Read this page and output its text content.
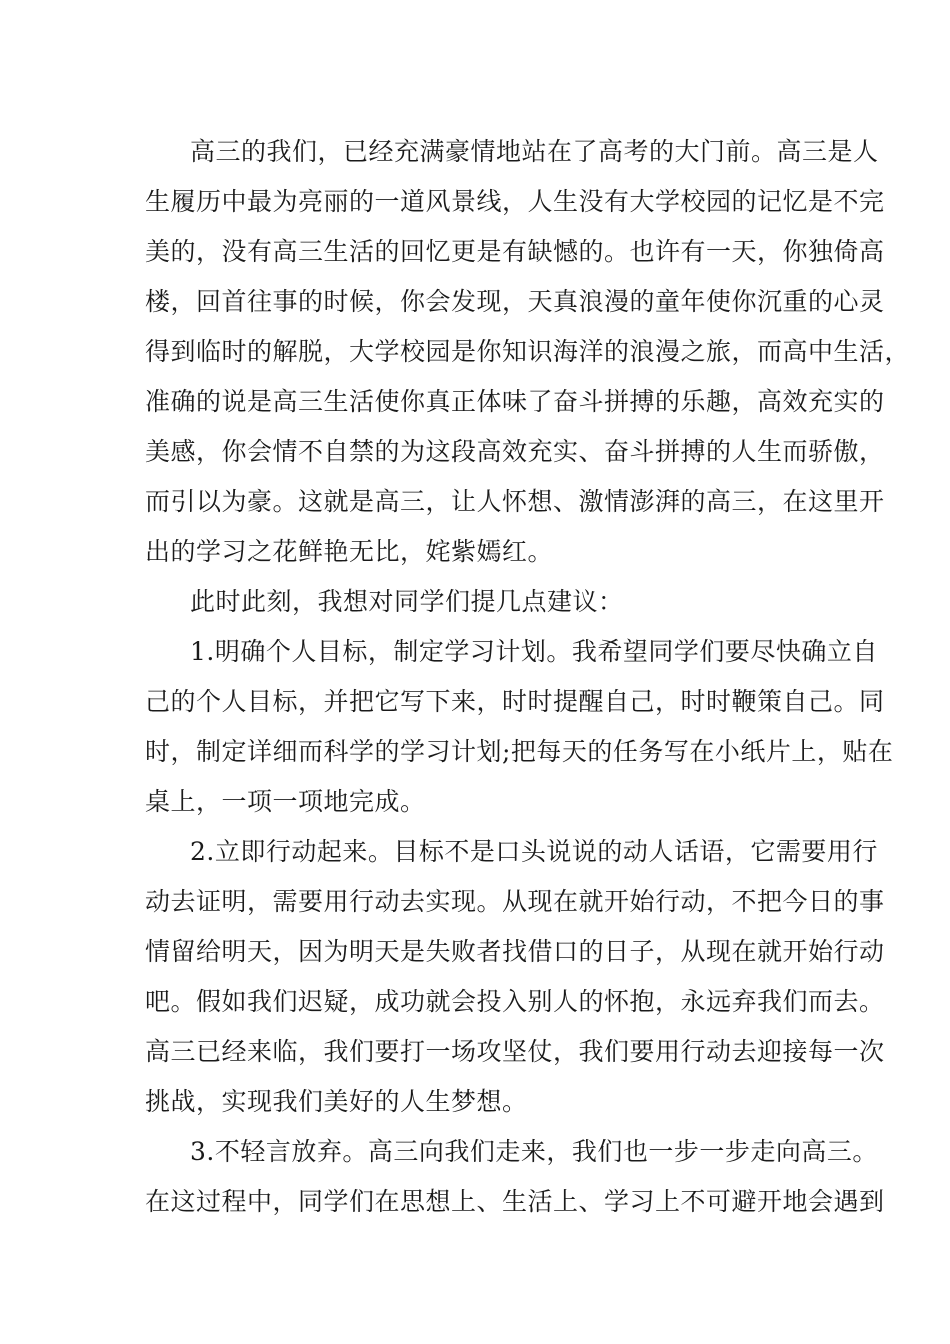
高三的我们，已经充满豪情地站在了高考的大门前。高三是人
生履历中最为亮丽的一道风景线，人生没有大学校园的记忆是不完
美的，没有高三生活的回忆更是有缺憾的。也许有一天，你独倚高
楼，回首往事的时候，你会发现，天真浪漫的童年使你沉重的心灵
得到临时的解脱，大学校园是你知识海洋的浪漫之旅，而高中生活，
准确的说是高三生活使你真正体味了奋斗拼搏的乐趣，高效充实的
美感，你会情不自禁的为这段高效充实、奋斗拼搏的人生而骄傲，
而引以为豪。这就是高三，让人怀想、激情澎湃的高三，在这里开
出的学习之花鲜艳无比，姹紫嫣红。
此时此刻，我想对同学们提几点建议：
1.明确个人目标，制定学习计划。我希望同学们要尽快确立自
己的个人目标，并把它写下来，时时提醒自己，时时鞭策自己。同
时，制定详细而科学的学习计划;把每天的任务写在小纸片上，贴在
桌上，一项一项地完成。
2.立即行动起来。目标不是口头说说的动人话语，它需要用行
动去证明，需要用行动去实现。从现在就开始行动，不把今日的事
情留给明天，因为明天是失败者找借口的日子，从现在就开始行动
吧。假如我们迟疑，成功就会投入别人的怀抱，永远弃我们而去。
高三已经来临，我们要打一场攻坚仗，我们要用行动去迎接每一次
挑战，实现我们美好的人生梦想。
3.不轻言放弃。高三向我们走来，我们也一步一步走向高三。
在这过程中，同学们在思想上、生活上、学习上不可避开地会遇到
